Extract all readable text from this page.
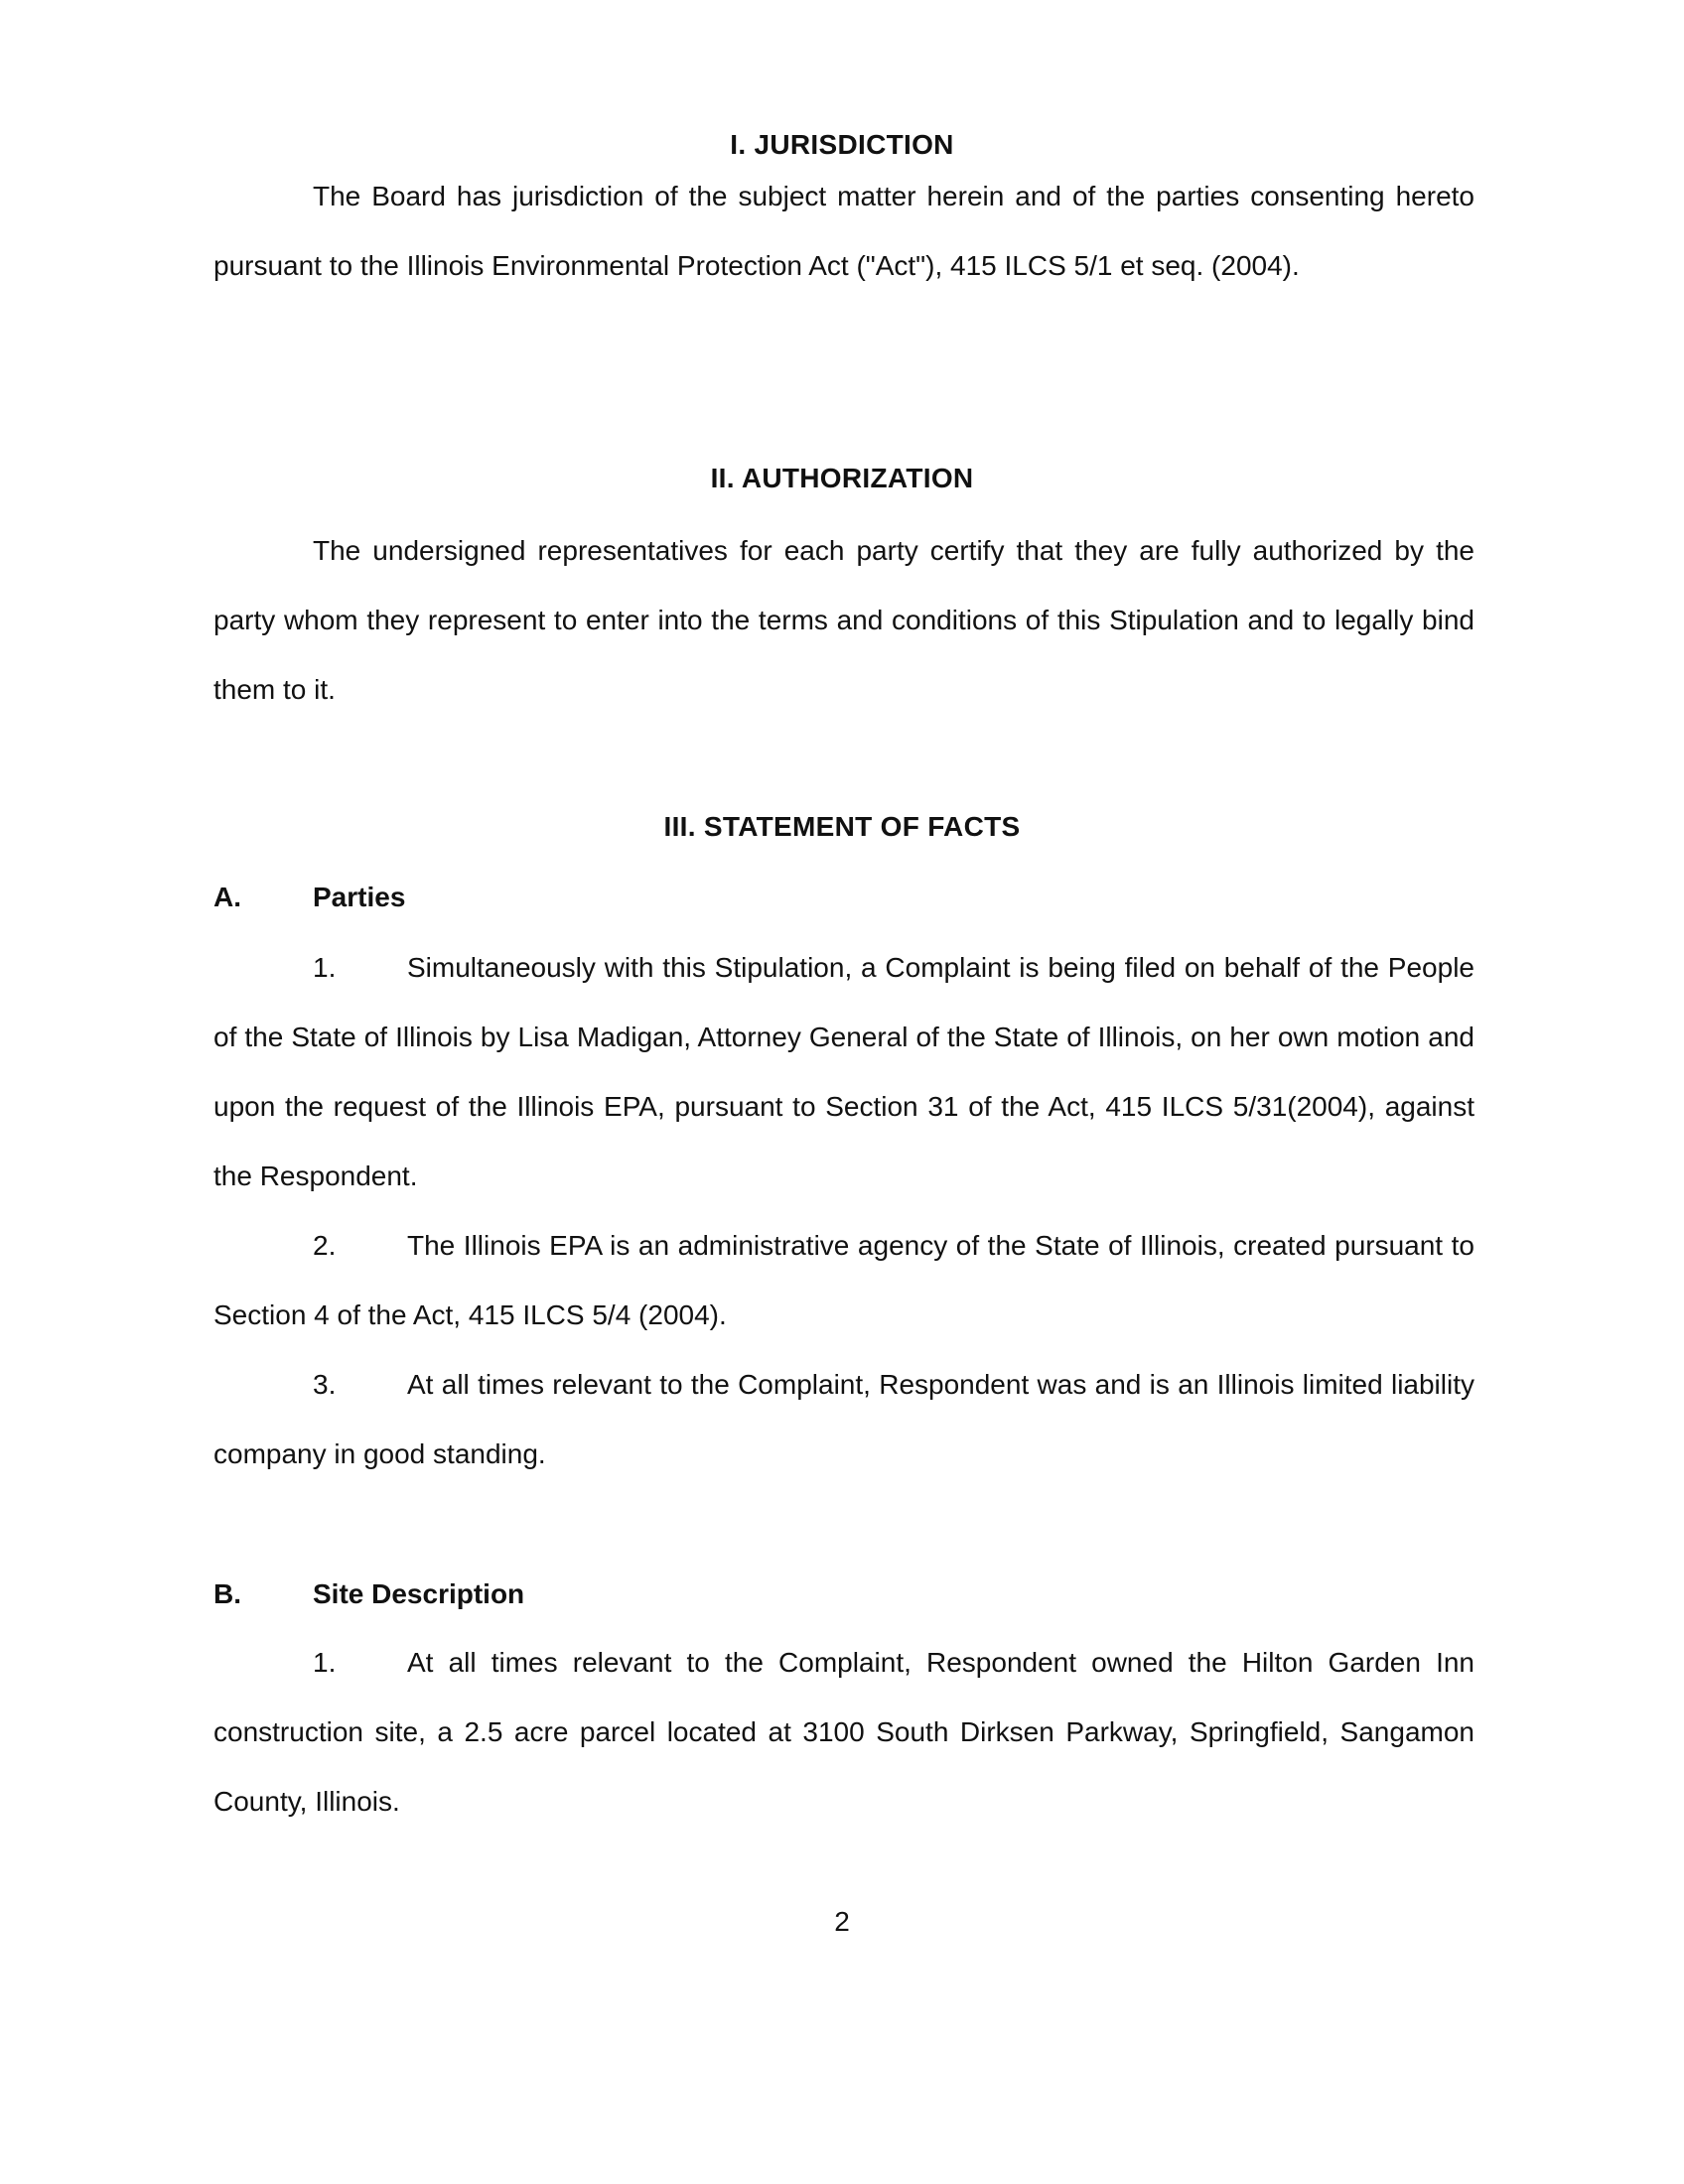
I. JURISDICTION

The Board has jurisdiction of the subject matter herein and of the parties consenting hereto pursuant to the Illinois Environmental Protection Act ("Act"), 415 ILCS 5/1 et seq. (2004).

II. AUTHORIZATION

The undersigned representatives for each party certify that they are fully authorized by the party whom they represent to enter into the terms and conditions of this Stipulation and to legally bind them to it.

III. STATEMENT OF FACTS
A.	Parties

1.	Simultaneously with this Stipulation, a Complaint is being filed on behalf of the People of the State of Illinois by Lisa Madigan, Attorney General of the State of Illinois, on her own motion and upon the request of the Illinois EPA, pursuant to Section 31 of the Act, 415 ILCS 5/31(2004), against the Respondent.

2.	The Illinois EPA is an administrative agency of the State of Illinois, created pursuant to Section 4 of the Act, 415 ILCS 5/4 (2004).

3.	At all times relevant to the Complaint, Respondent was and is an Illinois limited liability company in good standing.

B.	Site Description

1.	At all times relevant to the Complaint, Respondent owned the Hilton Garden Inn construction site, a 2.5 acre parcel located at 3100 South Dirksen Parkway, Springfield, Sangamon County, Illinois.

2
